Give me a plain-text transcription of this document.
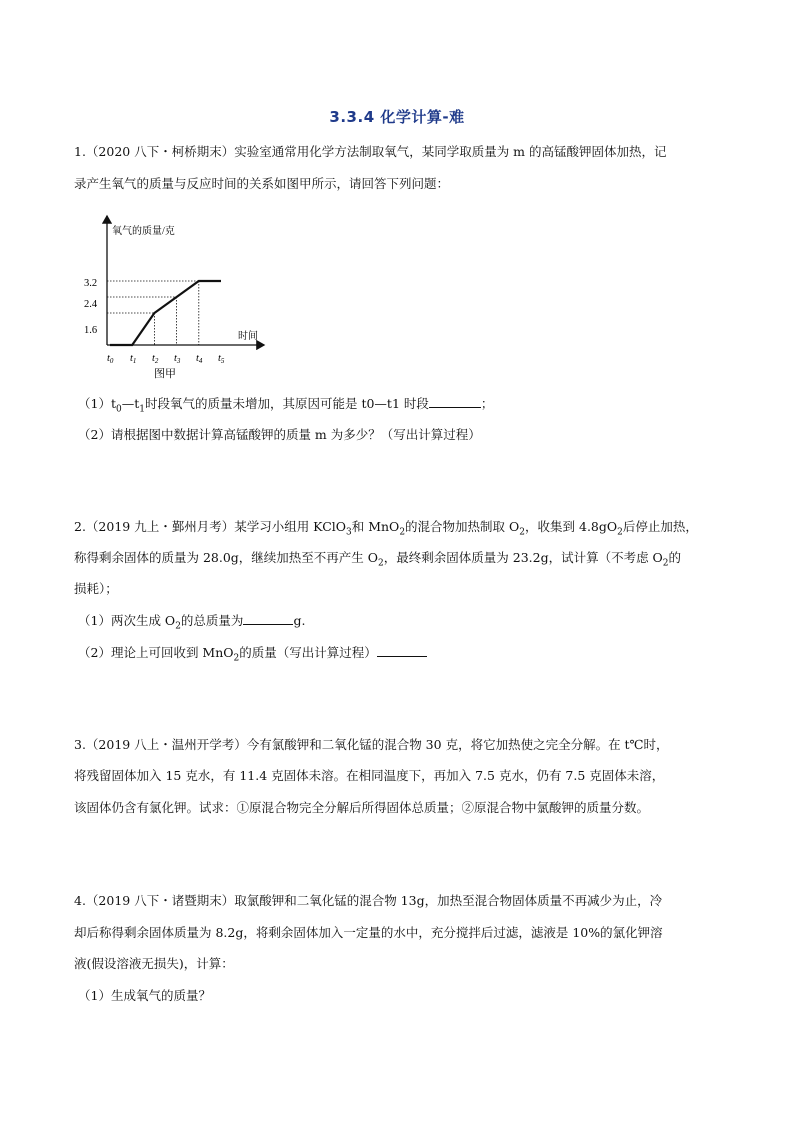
3.3.4 化学计算-难
1.（2020 八下・柯桥期末）实验室通常用化学方法制取氧气，某同学取质量为 m 的高锰酸钾固体加热，记
录产生氧气的质量与反应时间的关系如图甲所示，请回答下列问题：
氧气的质量/克
时间
3.2
2.4
1.6
t0 t1 t2 t3 t4 t5
图甲
$(1)t_0—t_1$时段氧气的质量未增加，其原因可能是 t0—t1 时段	；
（2）请根据图中数据计算高锰酸钾的质量 m 为多少？（写出计算过程）
2.（2019 九上・鄞州月考）某学习小组用 KClO$_3$和 MnO$_2$的混合物加热制取 $O_2$，收集到 $4.8gO_2$后停止加热，
称得剩余固体的质量为 28.0g，继续加热至不再产生 $O_2$，最终剩余固体质量为 23.2g，试计算（不考虑 $O_2$的
损耗）；
（1）两次生成 $O_2$的总质量为	g.
（2）理论上可回收到 MnO$_2$的质量（写出计算过程）
3.（2019 八上・温州开学考）今有氯酸钾和二氧化锰的混合物 30 克，将它加热使之完全分解。在 t℃时，
将残留固体加入 15 克水，有 11.4 克固体未溶。在相同温度下，再加入 7.5 克水，仍有 7.5 克固体未溶，
该固体仍含有氯化钾。试求：①原混合物完全分解后所得固体总质量；②原混合物中氯酸钾的质量分数。
4.（2019 八下・诸暨期末）取氯酸钾和二氧化锰的混合物 13g，加热至混合物固体质量不再减少为止，冷
却后称得剩余固体质量为 8.2g，将剩余固体加入一定量的水中，充分搅拌后过滤，滤液是 10%的氯化钾溶
液(假设溶液无损失)，计算：
（1）生成氧气的质量？
